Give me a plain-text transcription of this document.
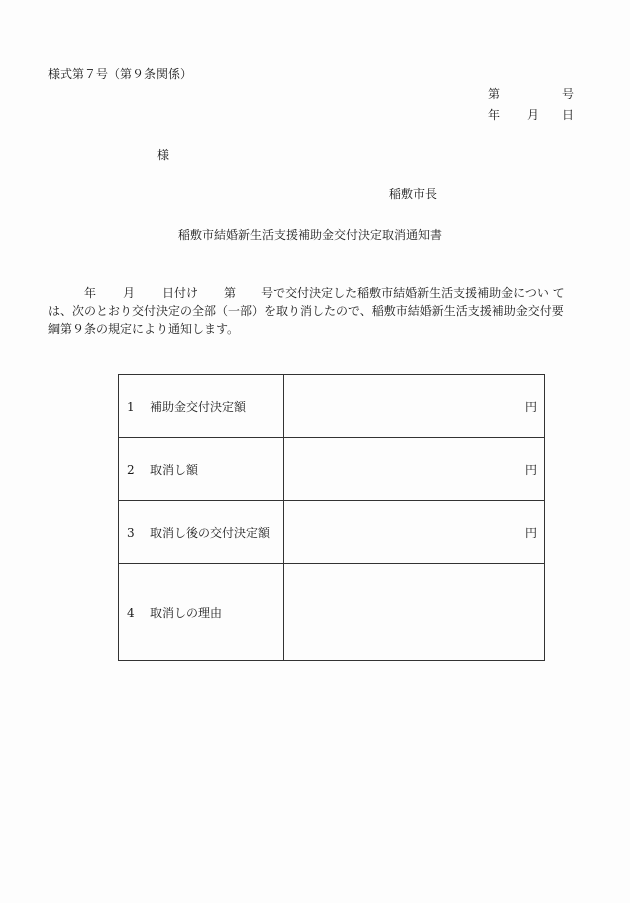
様式第７号（第９条関係）
第	号
年 月 日
様
稲敷市長
稲敷市結婚新生活支援補助金交付決定取消通知書
年 月 日付け 第 号で交付決定した稲敷市結婚新生活支援補助金につい て
は、次のとおり交付決定の全部（一部）を取り消したので、稲敷市結婚新生活支援補助金交付要
綱第９条の規定により通知します。
1 補助金交付決定額	円
2 取消し額	円
3 取消し後の交付決定額	円
4 取消しの理由	
